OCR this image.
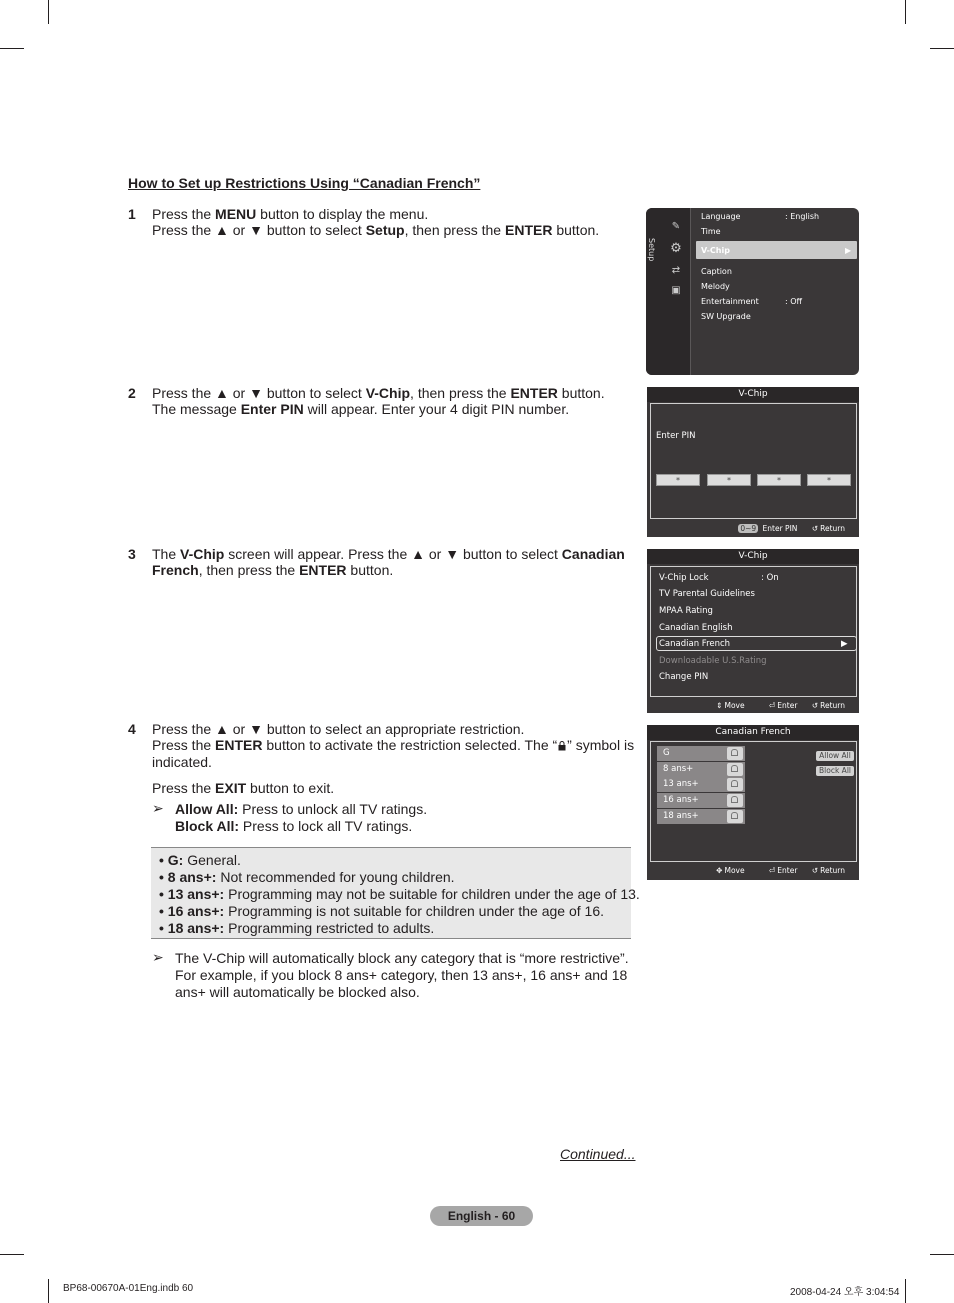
How to Set up Restrictions Using “Canadian French”
1 Press the MENU button to display the menu.
Press the ▲ or ▼ button to select Setup, then press the ENTER button.
2 Press the ▲ or ▼ button to select V-Chip, then press the ENTER button.
The message Enter PIN will appear. Enter your 4 digit PIN number.
3 The V-Chip screen will appear. Press the ▲ or ▼ button to select Canadian
French, then press the ENTER button.
4 Press the ▲ or ▼ button to select an appropriate restriction.
Press the ENTER button to activate the restriction selected. The “ ” symbol is
indicated.
Press the EXIT button to exit.
➢ Allow All: Press to unlock all TV ratings.
Block All: Press to lock all TV ratings.
• G: General.
• 8 ans+: Not recommended for young children.
• 13 ans+: Programming may not be suitable for children under the age of 13.
• 16 ans+: Programming is not suitable for children under the age of 16.
• 18 ans+: Programming restricted to adults.
➢ The V-Chip will automatically block any category that is “more restrictive”.
For example, if you block 8 ans+ category, then 13 ans+, 16 ans+ and 18
ans+ will automatically be blocked also.
Setup
✎
⚙
⇄
▣
Language	: English
Time
V-Chip	▶
Caption
Melody
Entertainment	: Off
SW Upgrade
V-Chip
Enter PIN
*	*	*	*
0~9 Enter PIN ↺ Return
V-Chip
V-Chip Lock	: On
TV Parental Guidelines
MPAA Rating
Canadian English
Canadian French	▶
Downloadable U.S.Rating
Change PIN
⇕ Move	⏎ Enter ↺ Return
Canadian French
G
8 ans+
13 ans+
16 ans+
18 ans+
Allow All
Block All
✥ Move	⏎ Enter ↺ Return
Continued...
English - 60
BP68-00670A-01Eng.indb 60	2008-04-24 오후 3:04:54
